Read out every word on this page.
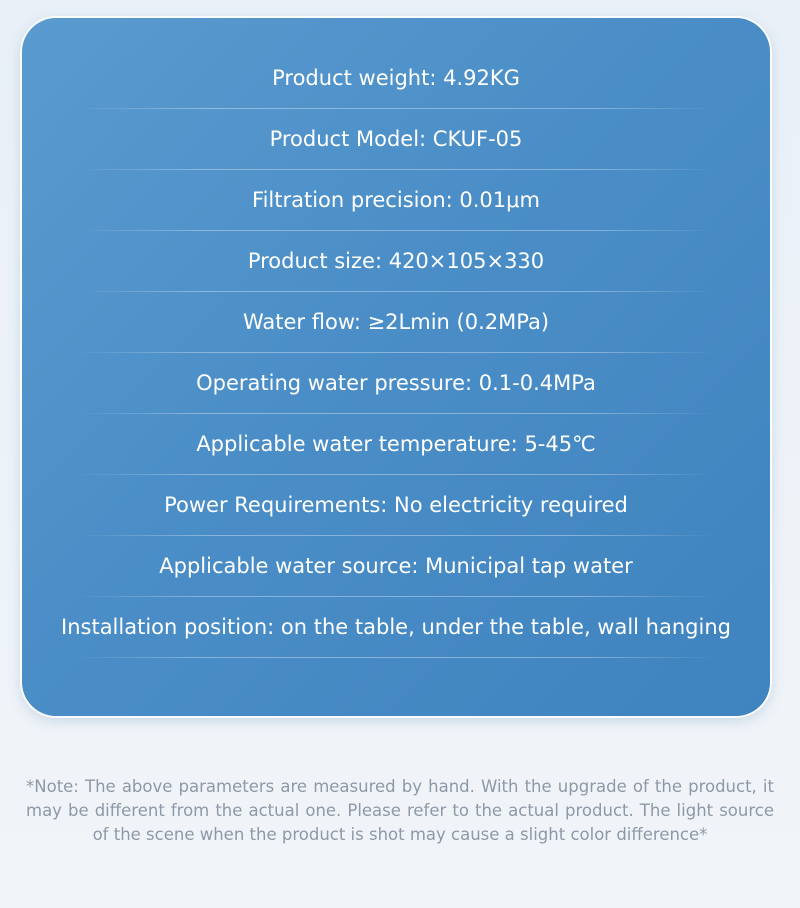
Product weight: 4.92KG
Product Model: CKUF-05
Filtration precision: 0.01μm
Product size: 420×105×330
Water flow: ≥2Lmin (0.2MPa)
Operating water pressure: 0.1-0.4MPa
Applicable water temperature: 5-45℃
Power Requirements: No electricity required
Applicable water source: Municipal tap water
Installation position: on the table, under the table, wall hanging

*Note: The above parameters are measured by hand. With the upgrade of the product, it may be different from the actual one. Please refer to the actual product. The light source of the scene when the product is shot may cause a slight color difference*
